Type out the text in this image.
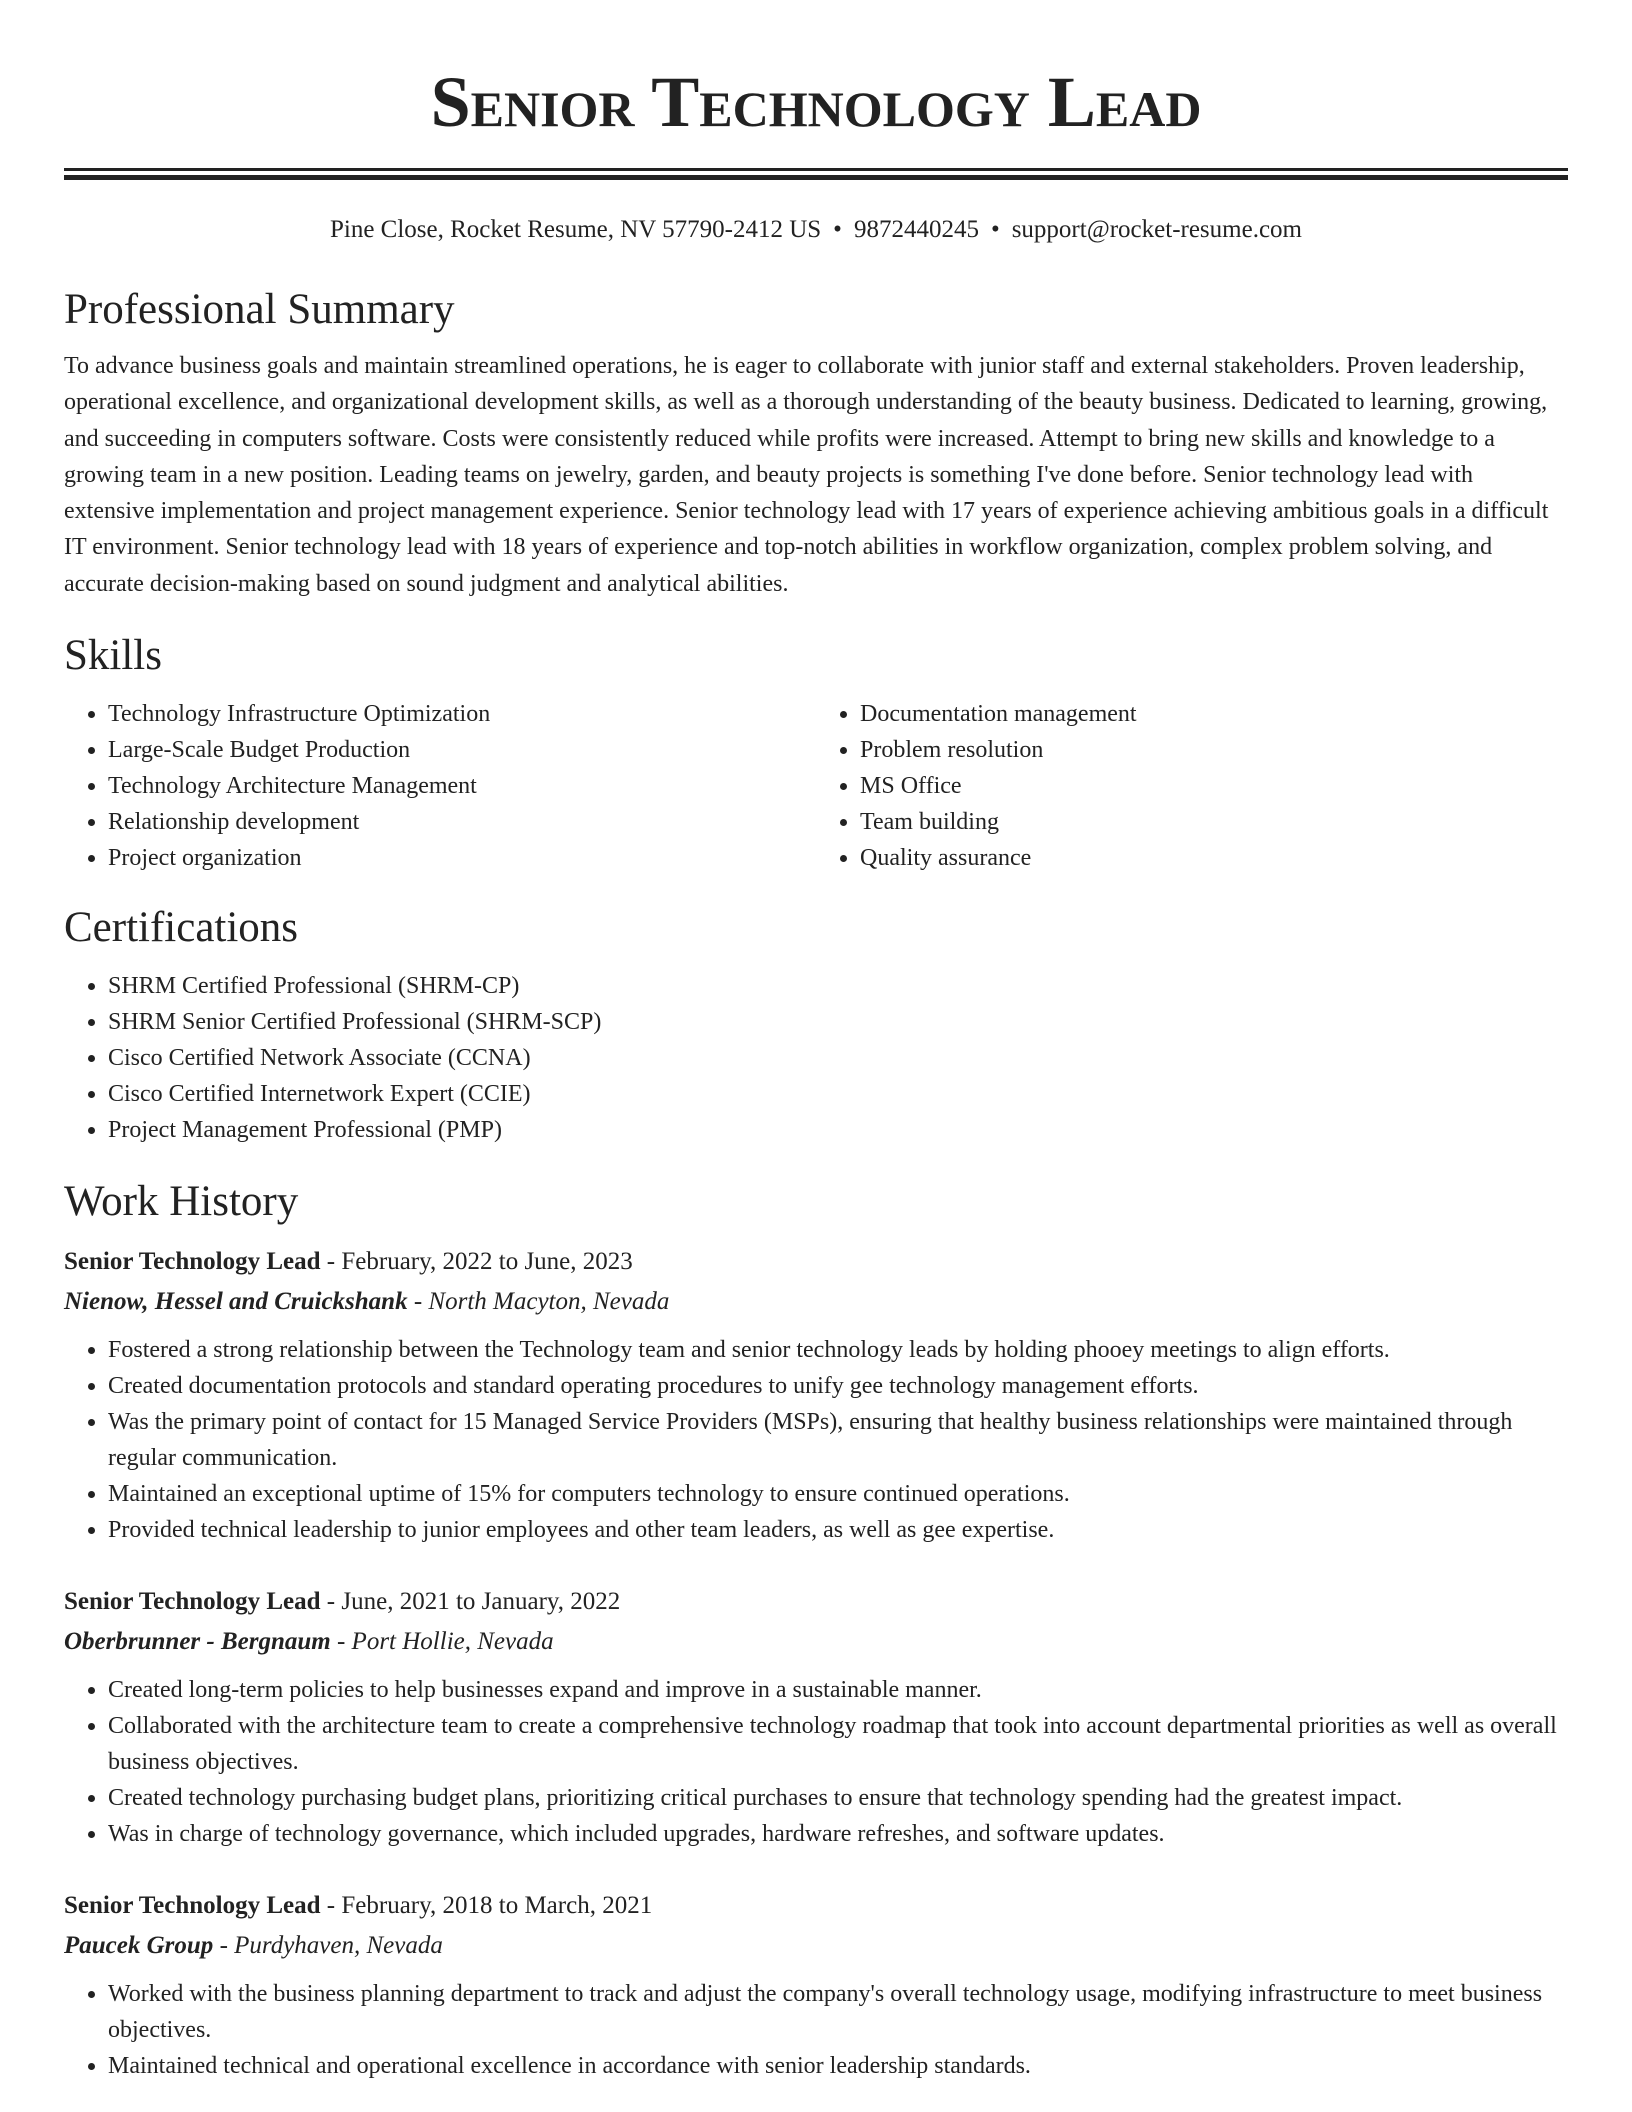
Senior Technology Lead
Pine Close, Rocket Resume, NV 57790-2412 US • 9872440245 • support@rocket-resume.com
Professional Summary

To advance business goals and maintain streamlined operations, he is eager to collaborate with junior staff and external stakeholders. Proven leadership, operational excellence, and organizational development skills, as well as a thorough understanding of the beauty business. Dedicated to learning, growing, and succeeding in computers software. Costs were consistently reduced while profits were increased. Attempt to bring new skills and knowledge to a growing team in a new position. Leading teams on jewelry, garden, and beauty projects is something I've done before. Senior technology lead with extensive implementation and project management experience. Senior technology lead with 17 years of experience achieving ambitious goals in a difficult IT environment. Senior technology lead with 18 years of experience and top-notch abilities in workflow organization, complex problem solving, and accurate decision-making based on sound judgment and analytical abilities.

Skills
• Technology Infrastructure Optimization
• Large-Scale Budget Production
• Technology Architecture Management
• Relationship development
• Project organization
• Documentation management
• Problem resolution
• MS Office
• Team building
• Quality assurance
Certifications
• SHRM Certified Professional (SHRM-CP)
• SHRM Senior Certified Professional (SHRM-SCP)
• Cisco Certified Network Associate (CCNA)
• Cisco Certified Internetwork Expert (CCIE)
• Project Management Professional (PMP)
Work History
Senior Technology Lead - February, 2022 to June, 2023
Nienow, Hessel and Cruickshank - North Macyton, Nevada
• Fostered a strong relationship between the Technology team and senior technology leads by holding phooey meetings to align efforts.
• Created documentation protocols and standard operating procedures to unify gee technology management efforts.
• Was the primary point of contact for 15 Managed Service Providers (MSPs), ensuring that healthy business relationships were maintained through regular communication.
• Maintained an exceptional uptime of 15% for computers technology to ensure continued operations.
• Provided technical leadership to junior employees and other team leaders, as well as gee expertise.
Senior Technology Lead - June, 2021 to January, 2022
Oberbrunner - Bergnaum - Port Hollie, Nevada
• Created long-term policies to help businesses expand and improve in a sustainable manner.
• Collaborated with the architecture team to create a comprehensive technology roadmap that took into account departmental priorities as well as overall business objectives.
• Created technology purchasing budget plans, prioritizing critical purchases to ensure that technology spending had the greatest impact.
• Was in charge of technology governance, which included upgrades, hardware refreshes, and software updates.
Senior Technology Lead - February, 2018 to March, 2021
Paucek Group - Purdyhaven, Nevada
• Worked with the business planning department to track and adjust the company's overall technology usage, modifying infrastructure to meet business objectives.
• Maintained technical and operational excellence in accordance with senior leadership standards.
